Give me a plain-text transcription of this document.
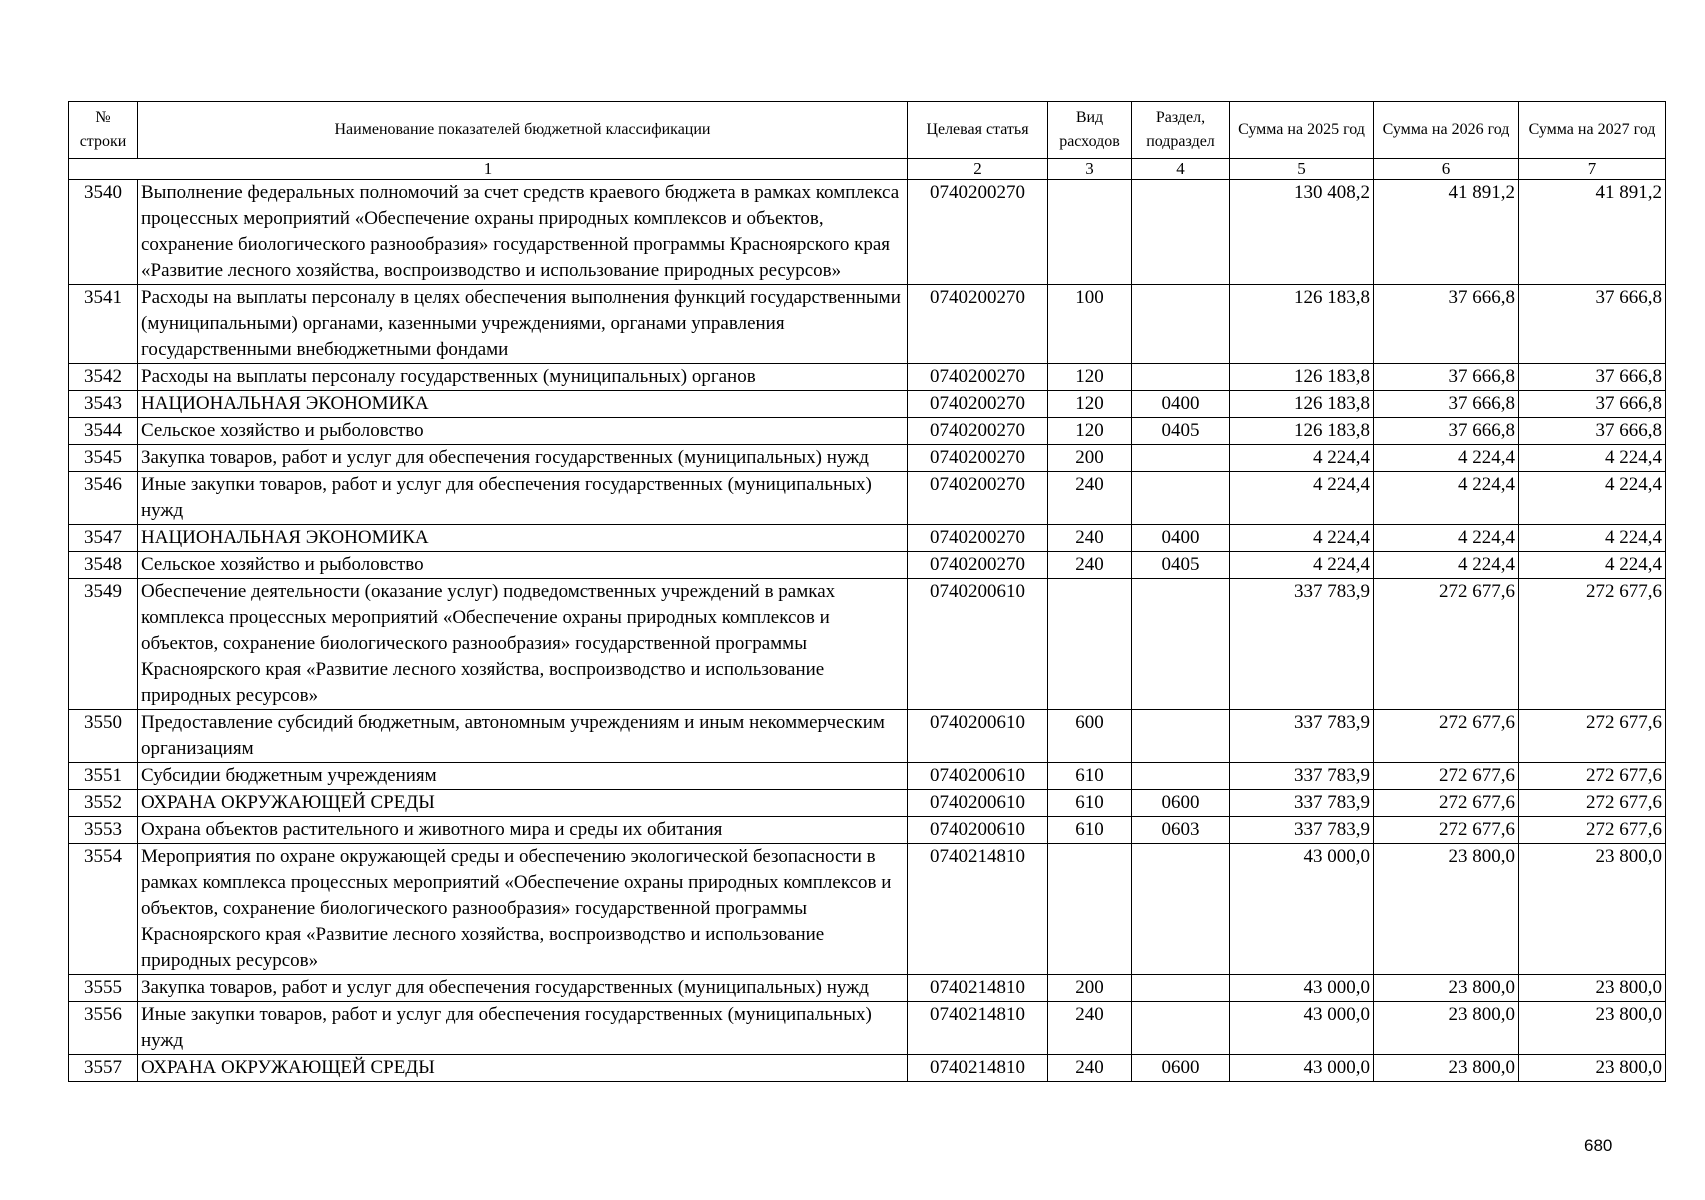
№ строки	Наименование показателей бюджетной классификации	Целевая статья	Вид расходов	Раздел, подраздел	Сумма на 2025 год	Сумма на 2026 год	Сумма на 2027 год
1		2	3	4	5	6	7
3540	Выполнение федеральных полномочий за счет средств краевого бюджета в рамках комплекса процессных мероприятий «Обеспечение охраны природных комплексов и объектов, сохранение биологического разнообразия» государственной программы Красноярского края «Развитие лесного хозяйства, воспроизводство и использование природных ресурсов»	0740200270			130 408,2	41 891,2	41 891,2
3541	Расходы на выплаты персоналу в целях обеспечения выполнения функций государственными (муниципальными) органами, казенными учреждениями, органами управления государственными внебюджетными фондами	0740200270	100		126 183,8	37 666,8	37 666,8
3542	Расходы на выплаты персоналу государственных (муниципальных) органов	0740200270	120		126 183,8	37 666,8	37 666,8
3543	НАЦИОНАЛЬНАЯ ЭКОНОМИКА	0740200270	120	0400	126 183,8	37 666,8	37 666,8
3544	Сельское хозяйство и рыболовство	0740200270	120	0405	126 183,8	37 666,8	37 666,8
3545	Закупка товаров, работ и услуг для обеспечения государственных (муниципальных) нужд	0740200270	200		4 224,4	4 224,4	4 224,4
3546	Иные закупки товаров, работ и услуг для обеспечения государственных (муниципальных) нужд	0740200270	240		4 224,4	4 224,4	4 224,4
3547	НАЦИОНАЛЬНАЯ ЭКОНОМИКА	0740200270	240	0400	4 224,4	4 224,4	4 224,4
3548	Сельское хозяйство и рыболовство	0740200270	240	0405	4 224,4	4 224,4	4 224,4
3549	Обеспечение деятельности (оказание услуг) подведомственных учреждений в рамках комплекса процессных мероприятий «Обеспечение охраны природных комплексов и объектов, сохранение биологического разнообразия» государственной программы Красноярского края «Развитие лесного хозяйства, воспроизводство и использование природных ресурсов»	0740200610			337 783,9	272 677,6	272 677,6
3550	Предоставление субсидий бюджетным, автономным учреждениям и иным некоммерческим организациям	0740200610	600		337 783,9	272 677,6	272 677,6
3551	Субсидии бюджетным учреждениям	0740200610	610		337 783,9	272 677,6	272 677,6
3552	ОХРАНА ОКРУЖАЮЩЕЙ СРЕДЫ	0740200610	610	0600	337 783,9	272 677,6	272 677,6
3553	Охрана объектов растительного и животного мира и среды их обитания	0740200610	610	0603	337 783,9	272 677,6	272 677,6
3554	Мероприятия по охране окружающей среды и обеспечению экологической безопасности в рамках комплекса процессных мероприятий «Обеспечение охраны природных комплексов и объектов, сохранение биологического разнообразия» государственной программы Красноярского края «Развитие лесного хозяйства, воспроизводство и использование природных ресурсов»	0740214810			43 000,0	23 800,0	23 800,0
3555	Закупка товаров, работ и услуг для обеспечения государственных (муниципальных) нужд	0740214810	200		43 000,0	23 800,0	23 800,0
3556	Иные закупки товаров, работ и услуг для обеспечения государственных (муниципальных) нужд	0740214810	240		43 000,0	23 800,0	23 800,0
3557	ОХРАНА ОКРУЖАЮЩЕЙ СРЕДЫ	0740214810	240	0600	43 000,0	23 800,0	23 800,0
680
